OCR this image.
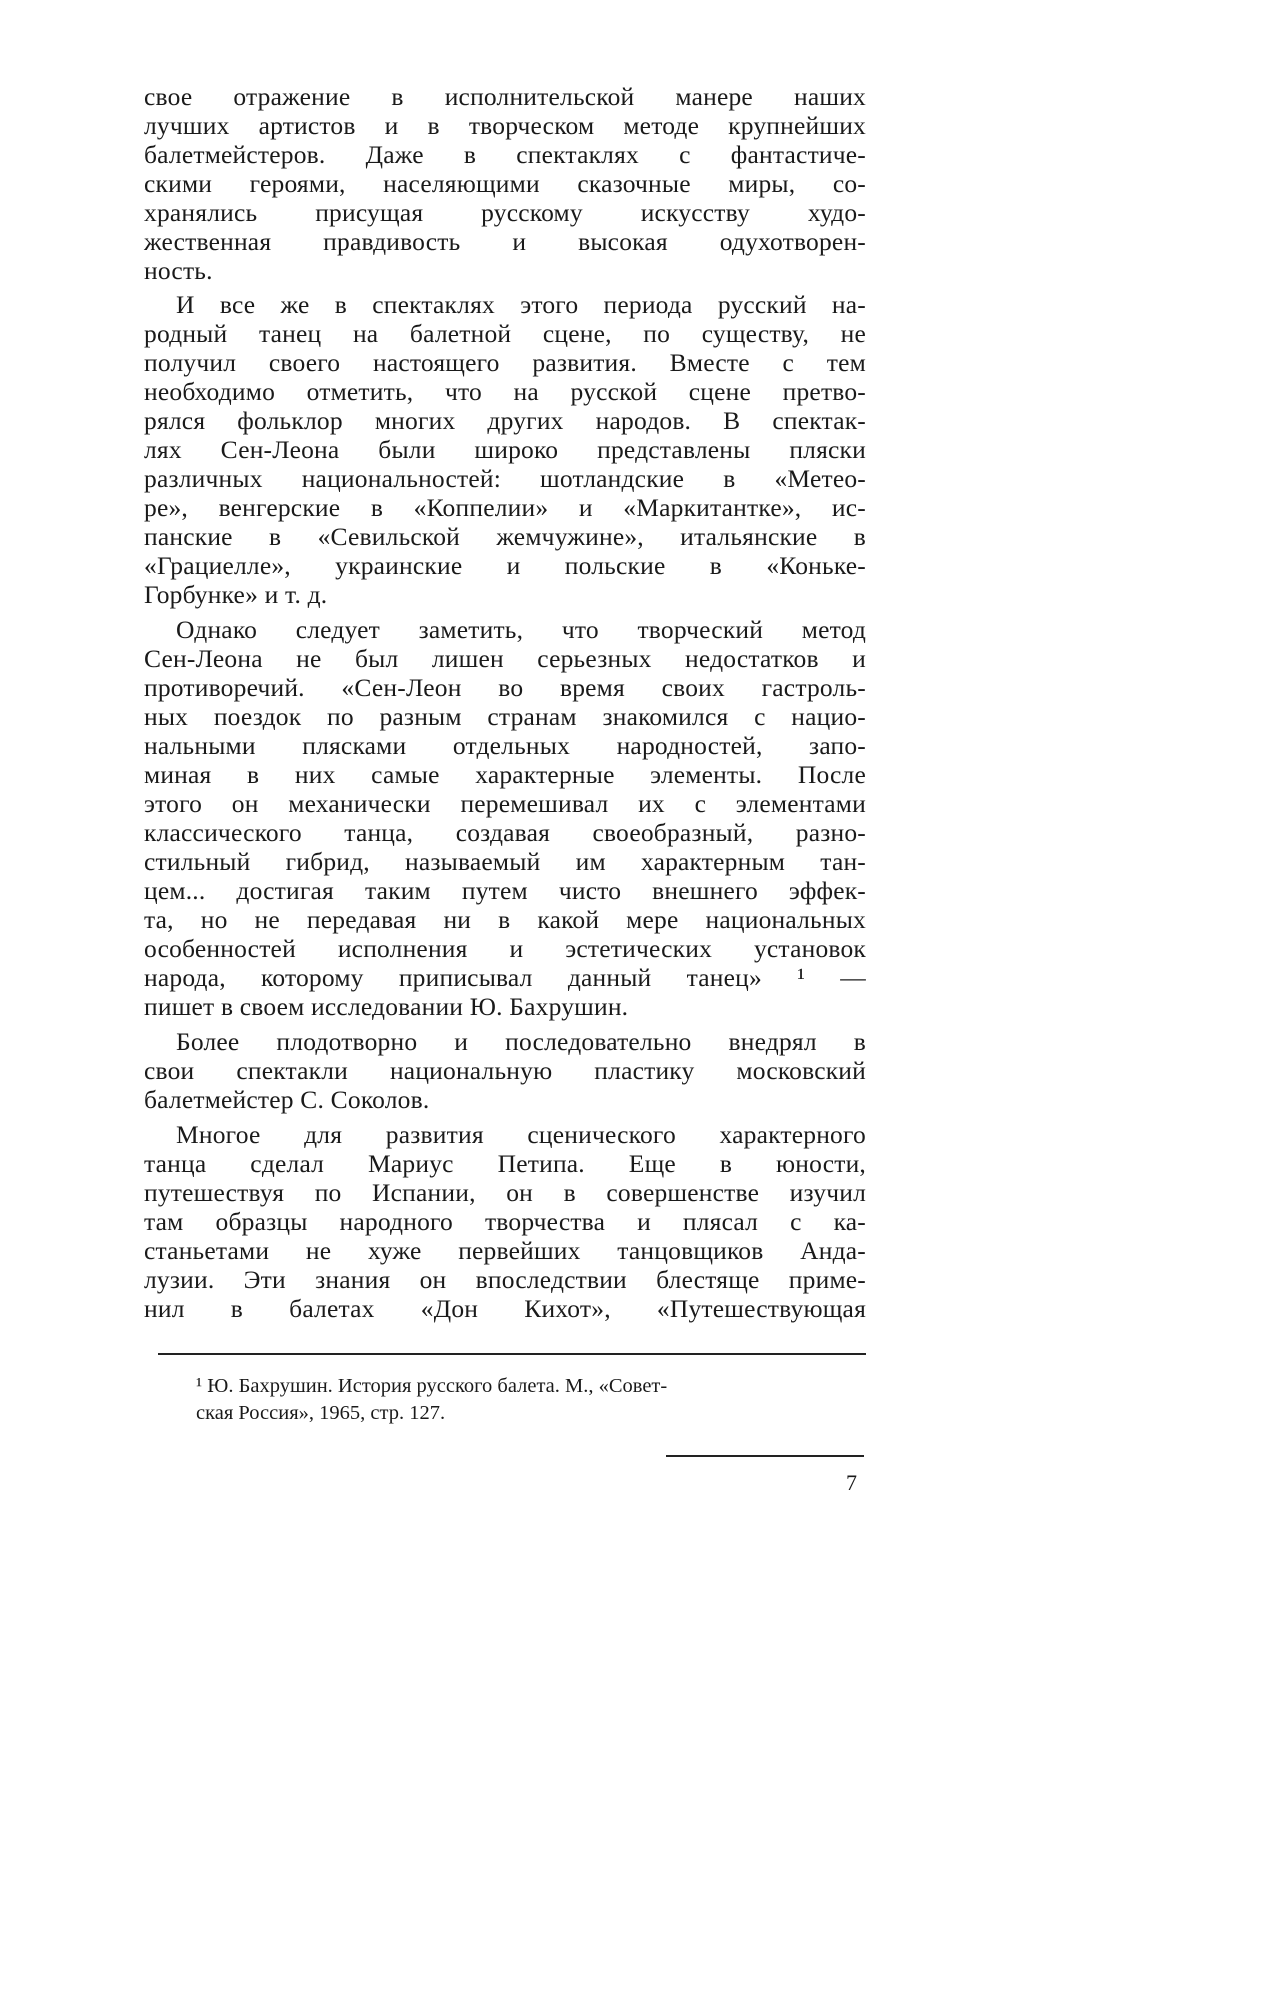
свое отражение в исполнительской манере наших
лучших артистов и в творческом методе крупнейших
балетмейстеров. Даже в спектаклях с фантастиче-
скими героями, населяющими сказочные миры, со-
хранялись присущая русскому искусству худо-
жественная правдивость и высокая одухотворен-
ность.
И все же в спектаклях этого периода русский на-
родный танец на балетной сцене, по существу, не
получил своего настоящего развития. Вместе с тем
необходимо отметить, что на русской сцене претво-
рялся фольклор многих других народов. В спектак-
лях Сен-Леона были широко представлены пляски
различных национальностей: шотландские в «Метео-
ре», венгерские в «Коппелии» и «Маркитантке», ис-
панские в «Севильской жемчужине», итальянские в
«Грациелле», украинские и польские в «Коньке-
Горбунке» и т. д.
Однако следует заметить, что творческий метод
Сен-Леона не был лишен серьезных недостатков и
противоречий. «Сен-Леон во время своих гастроль-
ных поездок по разным странам знакомился с нацио-
нальными плясками отдельных народностей, запо-
миная в них самые характерные элементы. После
этого он механически перемешивал их с элементами
классического танца, создавая своеобразный, разно-
стильный гибрид, называемый им характерным тан-
цем... достигая таким путем чисто внешнего эффек-
та, но не передавая ни в какой мере национальных
особенностей исполнения и эстетических установок
народа, которому приписывал данный танец» ¹ —
пишет в своем исследовании Ю. Бахрушин.
Более плодотворно и последовательно внедрял в
свои спектакли национальную пластику московский
балетмейстер С. Соколов.
Многое для развития сценического характерного
танца сделал Мариус Петипа. Еще в юности,
путешествуя по Испании, он в совершенстве изучил
там образцы народного творчества и плясал с ка-
станьетами не хуже первейших танцовщиков Анда-
лузии. Эти знания он впоследствии блестяще приме-
нил в балетах «Дон Кихот», «Путешествующая
¹ Ю. Бахрушин. История русского балета. М., «Совет-
ская Россия», 1965, стр. 127.
7
